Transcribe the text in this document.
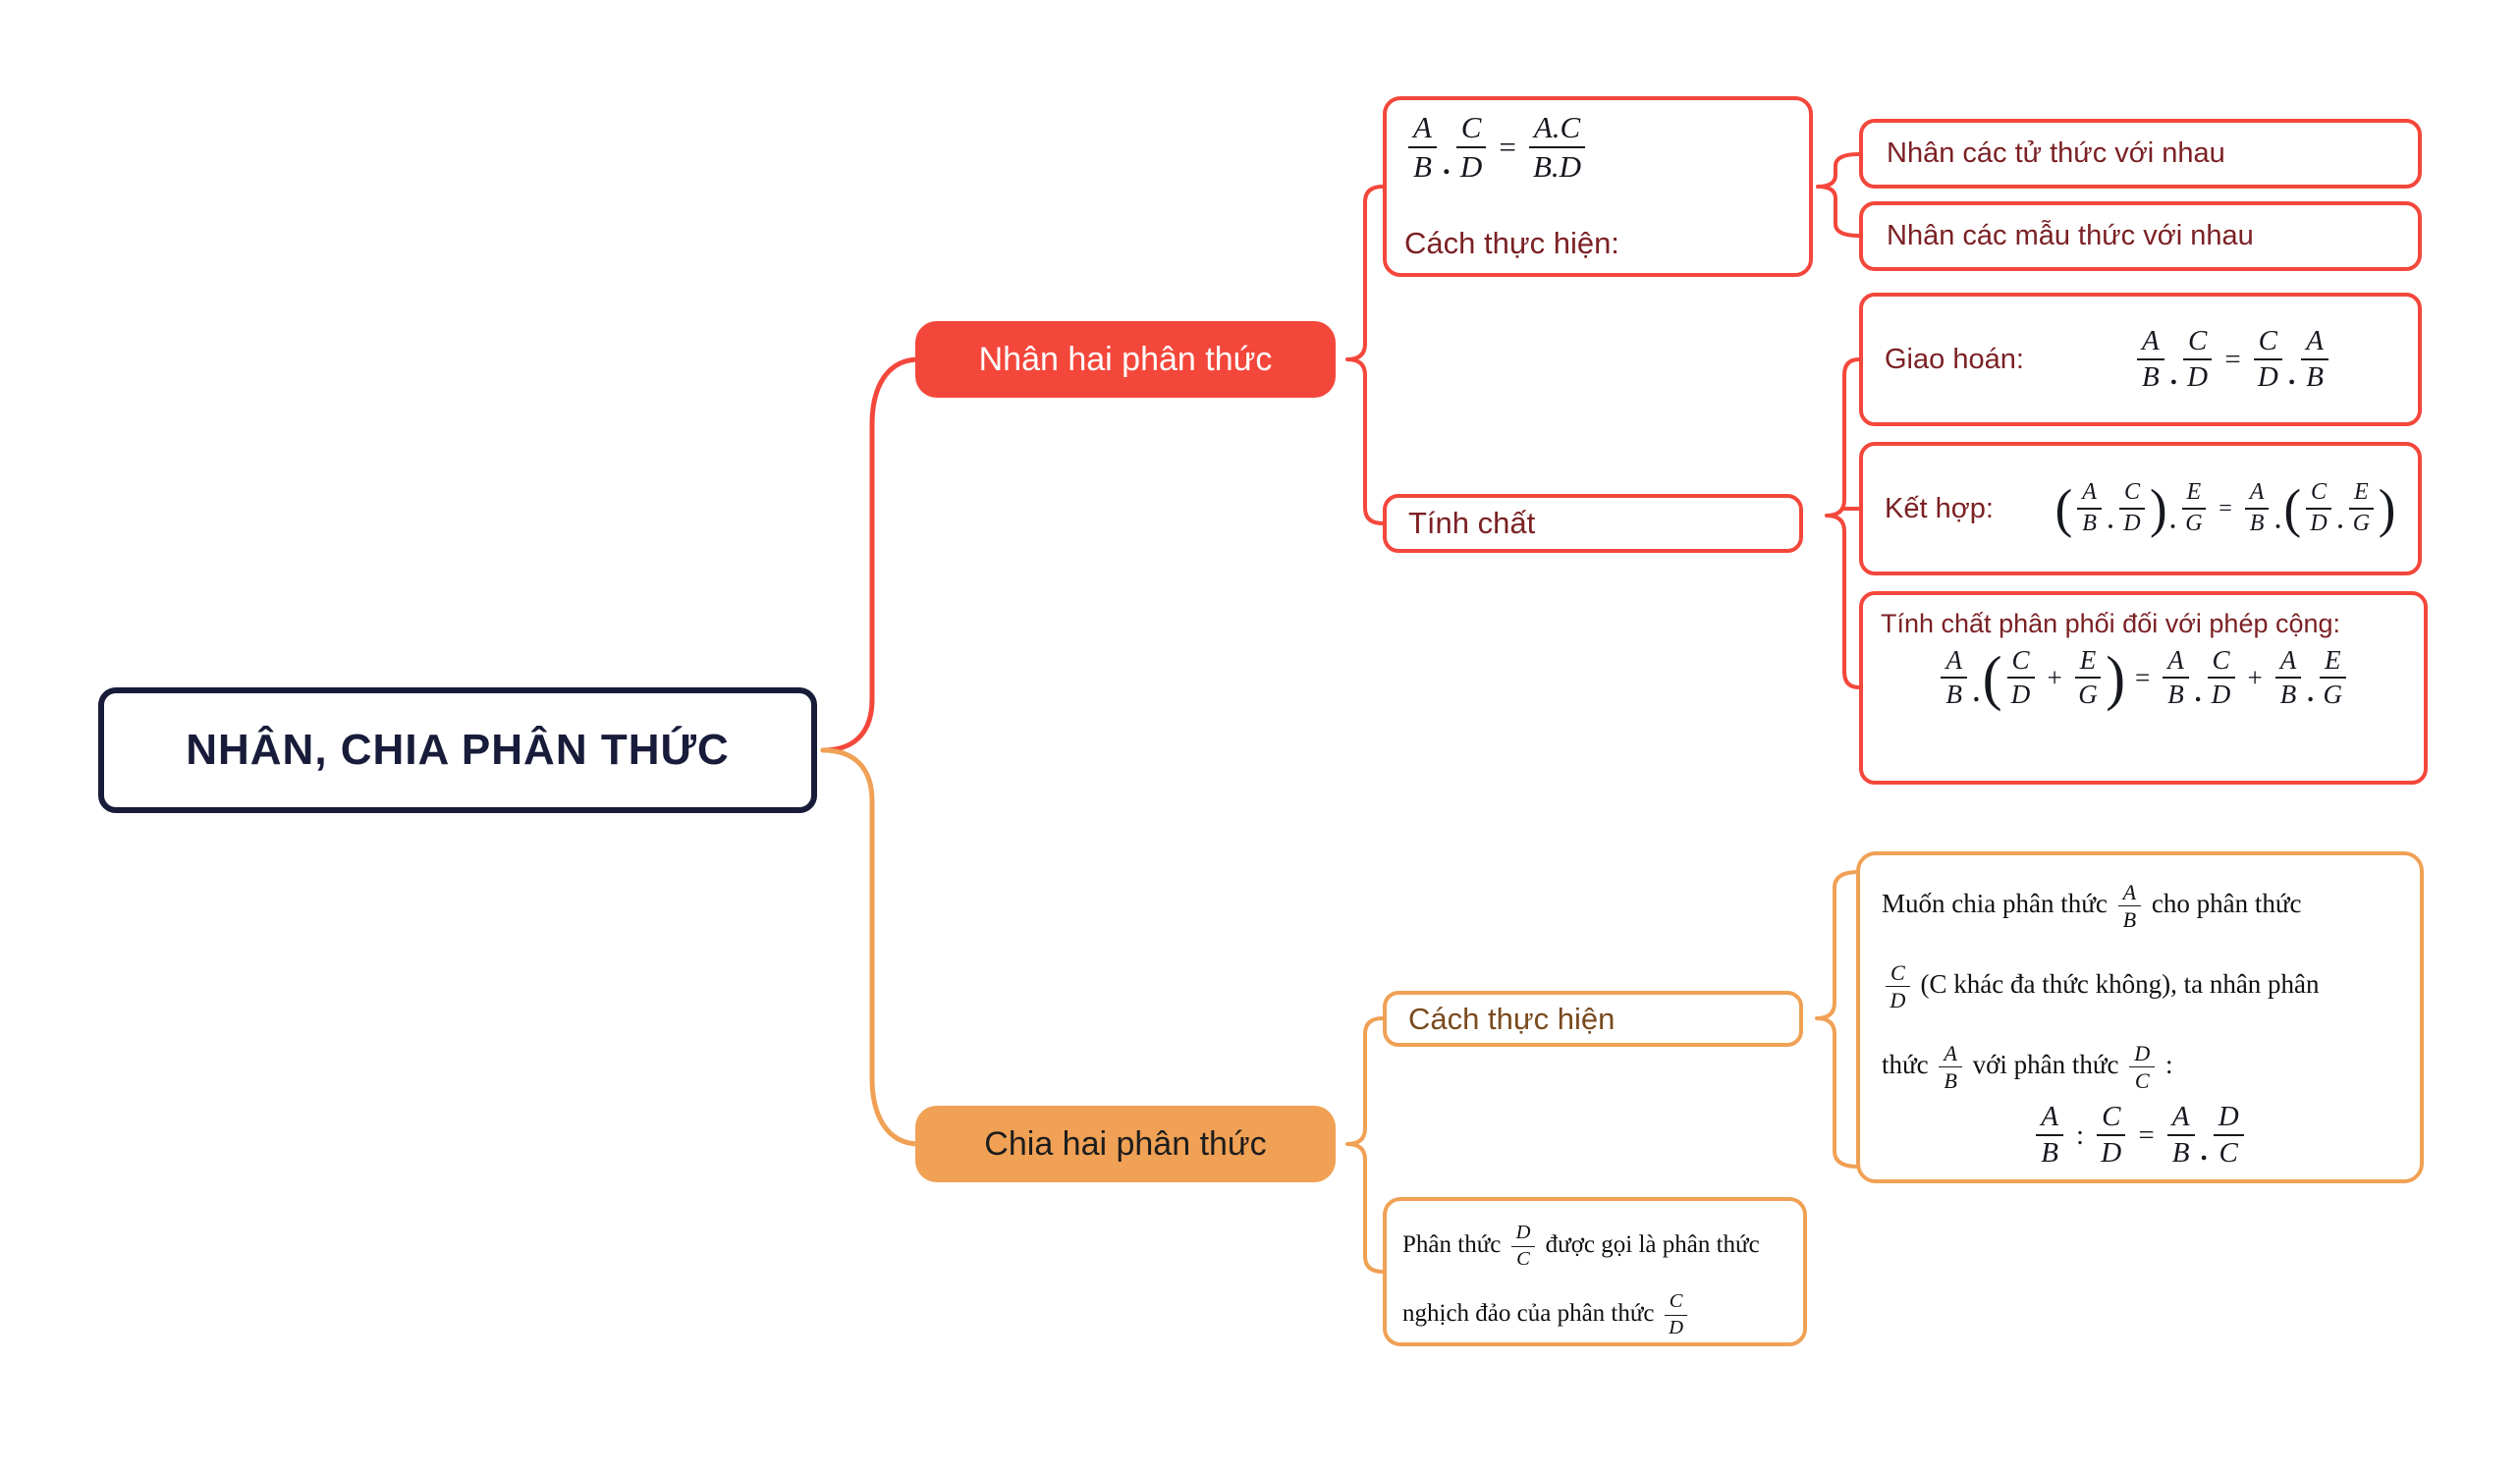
NHÂN, CHIA PHÂN THỨC
Nhân hai phân thức
$\frac{A}{B}$ . $\frac{C}{D} = \frac{A.C}{B.D}$
Cách thực hiện:
Nhân các tử thức với nhau
Nhân các mẫu thức với nhau
Tính chất
Giao hoán:	$\frac{A}{B}$ . $\frac{C}{D} = \frac{C}{D}$ . $\frac{A}{B}$
Kết hợp:	( $\frac{A}{B}$ . $\frac{C}{D}$ ) . $\frac{E}{G} = \frac{A}{B}$ .( $\frac{C}{D}$ . $\frac{E}{G}$ )
Tính chất phân phối đối với phép cộng:
$\frac{A}{B}$ .( $\frac{C}{D} + \frac{E}{G}$ ) = $\frac{A}{B}$ . $\frac{C}{D} + \frac{A}{B}$ . $\frac{E}{G}$
Chia hai phân thức
Cách thực hiện
Muốn chia phân thức $\frac{A}{B}$ cho phân thức

$\frac{C}{D} (C$ khác đa thức không), ta nhân phân
thức $\frac{A}{B}$ với phân thức $\frac{D}{C}$ :
$\frac{A}{B}$ : $\frac{C}{D} = \frac{A}{B}$ . $\frac{D}{C}$
Phân thức $\frac{D}{C}$ được gọi là phân thức
nghịch đảo của phân thức $\frac{C}{D}$
